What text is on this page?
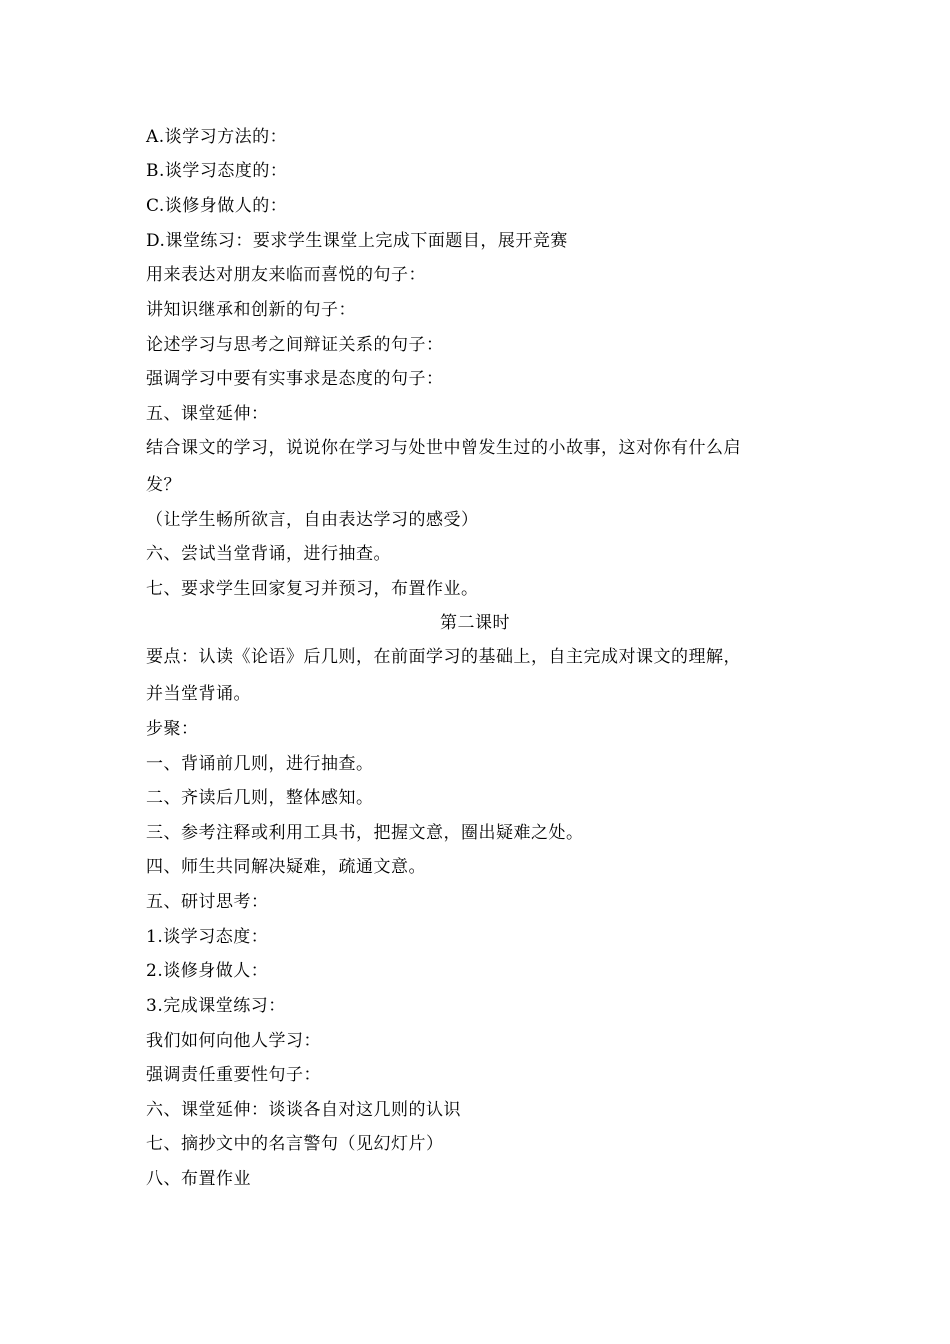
A.谈学习方法的：
B.谈学习态度的：
C.谈修身做人的：
D.课堂练习：要求学生课堂上完成下面题目，展开竞赛
用来表达对朋友来临而喜悦的句子：
讲知识继承和创新的句子：
论述学习与思考之间辩证关系的句子：
强调学习中要有实事求是态度的句子：
五、课堂延伸：
结合课文的学习，说说你在学习与处世中曾发生过的小故事，这对你有什么启
发？
（让学生畅所欲言，自由表达学习的感受）
六、尝试当堂背诵，进行抽查。
七、要求学生回家复习并预习，布置作业。
第二课时
要点：认读《论语》后几则，在前面学习的基础上，自主完成对课文的理解，
并当堂背诵。
步聚：
一、背诵前几则，进行抽查。
二、齐读后几则，整体感知。
三、参考注释或利用工具书，把握文意，圈出疑难之处。
四、师生共同解决疑难，疏通文意。
五、研讨思考：
1.谈学习态度：
2.谈修身做人：
3.完成课堂练习：
我们如何向他人学习：
强调责任重要性句子：
六、课堂延伸：谈谈各自对这几则的认识
七、摘抄文中的名言警句（见幻灯片）
八、布置作业
